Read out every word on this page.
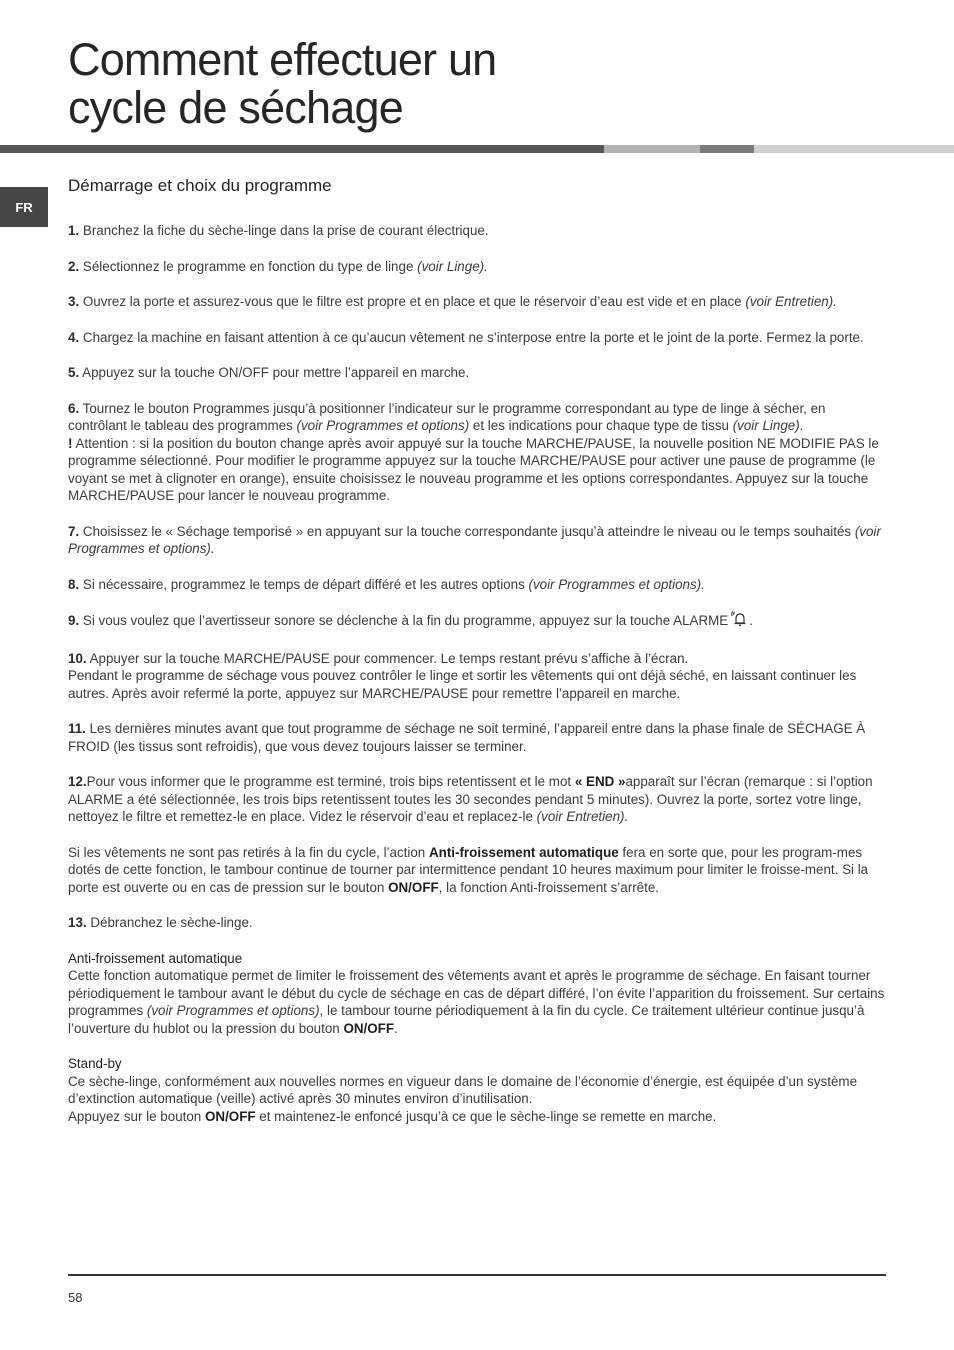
Comment effectuer un
cycle de séchage
FR
Démarrage et choix du programme

1. Branchez la fiche du sèche-linge dans la prise de courant électrique.

2. Sélectionnez le programme en fonction du type de linge (voir Linge).

3. Ouvrez la porte et assurez-vous que le filtre est propre et en place et que le réservoir d’eau est vide et en place (voir Entretien).

4. Chargez la machine en faisant attention à ce qu’aucun vêtement ne s’interpose entre la porte et le joint de la porte. Fermez la porte.

5. Appuyez sur la touche ON/OFF pour mettre l’appareil en marche.

6. Tournez le bouton Programmes jusqu’à positionner l’indicateur sur le programme correspondant au type de linge à sécher, en contrôlant le tableau des programmes (voir Programmes et options) et les indications pour chaque type de tissu (voir Linge).
! Attention : si la position du bouton change après avoir appuyé sur la touche MARCHE/PAUSE, la nouvelle position NE MODIFIE PAS le programme sélectionné. Pour modifier le programme appuyez sur la touche MARCHE/PAUSE pour activer une pause de programme (le voyant se met à clignoter en orange), ensuite choisissez le nouveau programme et les options correspondantes. Appuyez sur la touche MARCHE/PAUSE pour lancer le nouveau programme.

7. Choisissez le « Séchage temporisé » en appuyant sur la touche correspondante jusqu’à atteindre le niveau ou le temps souhaités (voir Programmes et options).

8. Si nécessaire, programmez le temps de départ différé et les autres options (voir Programmes et options).

9. Si vous voulez que l’avertisseur sonore se déclenche à la fin du programme, appuyez sur la touche ALARME .

10. Appuyer sur la touche MARCHE/PAUSE pour commencer. Le temps restant prévu s’affiche à l’écran.
Pendant le programme de séchage vous pouvez contrôler le linge et sortir les vêtements qui ont déjà séché, en laissant continuer les autres. Après avoir refermé la porte, appuyez sur MARCHE/PAUSE pour remettre l’appareil en marche.

11. Les dernières minutes avant que tout programme de séchage ne soit terminé, l’appareil entre dans la phase finale de SÉCHAGE À FROID (les tissus sont refroidis), que vous devez toujours laisser se terminer.

12.Pour vous informer que le programme est terminé, trois bips retentissent et le mot « END »apparaît sur l’écran (remarque : si l’option ALARME a été sélectionnée, les trois bips retentissent toutes les 30 secondes pendant 5 minutes). Ouvrez la porte, sortez votre linge, nettoyez le filtre et remettez-le en place. Videz le réservoir d’eau et replacez-le (voir Entretien).

Si les vêtements ne sont pas retirés à la fin du cycle, l’action Anti-froissement automatique fera en sorte que, pour les program-mes dotés de cette fonction, le tambour continue de tourner par intermittence pendant 10 heures maximum pour limiter le froisse-ment. Si la porte est ouverte ou en cas de pression sur le bouton ON/OFF, la fonction Anti-froissement s’arrête.

13. Débranchez le sèche-linge.

Anti-froissement automatique
Cette fonction automatique permet de limiter le froissement des vêtements avant et après le programme de séchage. En faisant tourner périodiquement le tambour avant le début du cycle de séchage en cas de départ différé, l’on évite l’apparition du froissement. Sur certains programmes (voir Programmes et options), le tambour tourne périodiquement à la fin du cycle. Ce traitement ultérieur continue jusqu’à l’ouverture du hublot ou la pression du bouton ON/OFF.

Stand-by
Ce sèche-linge, conformément aux nouvelles normes en vigueur dans le domaine de l’économie d’énergie, est équipée d’un système d’extinction automatique (veille) activé après 30 minutes environ d’inutilisation.
Appuyez sur le bouton ON/OFF et maintenez-le enfoncé jusqu’à ce que le sèche-linge se remette en marche.

58
